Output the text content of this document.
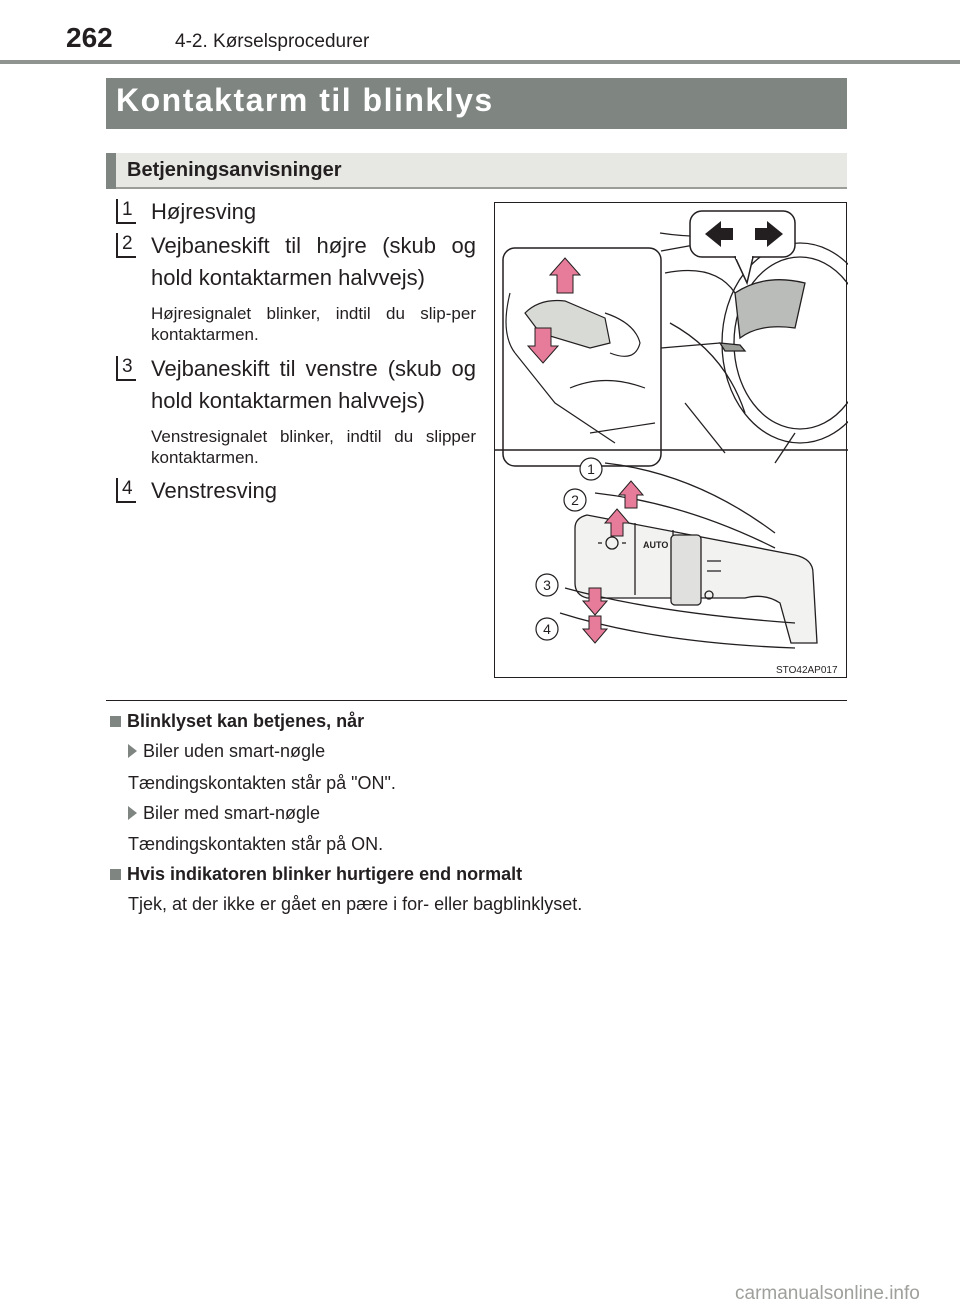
262	4-2. Kørselsprocedurer
Kontaktarm til blinklys
Betjeningsanvisninger
1 Højresving
2 Vejbaneskift til højre (skub og hold kontaktarmen halvvejs)
Højresignalet blinker, indtil du slip-per kontaktarmen.
3 Vejbaneskift til venstre (skub og hold kontaktarmen halvvejs)
Venstresignalet blinker, indtil du slipper kontaktarmen.
4 Venstresving
AUTO
1
2
3
4
STO42AP017
Blinklyset kan betjenes, når
Biler uden smart-nøgle
Tændingskontakten står på "ON".
Biler med smart-nøgle
Tændingskontakten står på ON.
Hvis indikatoren blinker hurtigere end normalt
Tjek, at der ikke er gået en pære i for- eller bagblinklyset.
carmanualsonline.info
